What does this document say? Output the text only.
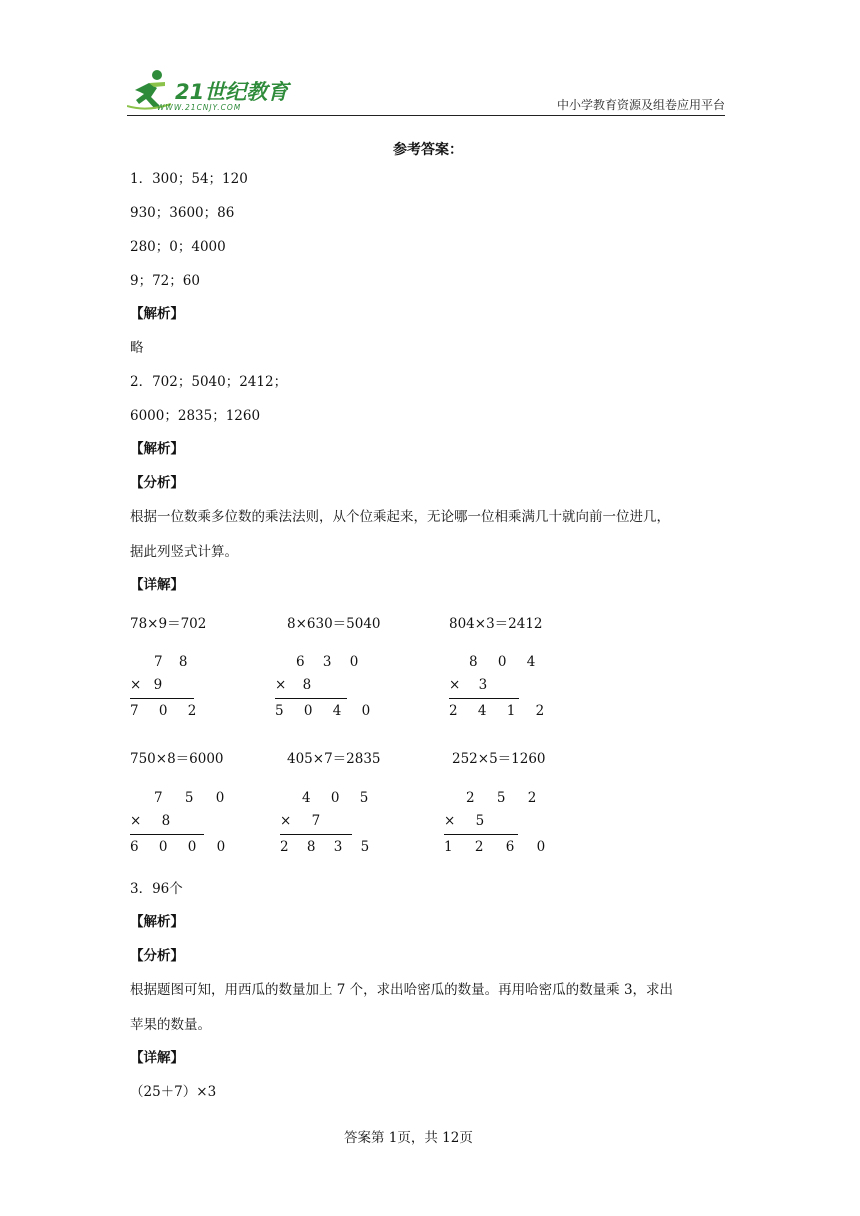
21世纪教育
WWW.21CNJY.COM	中小学教育资源及组卷应用平台
参考答案：
1．300；54；120
930；3600；86
280；0；4000
9；72；60
【解析】
略
2．702；5040；2412；
6000；2835；1260
【解析】
【分析】
根据一位数乘多位数的乘法法则，从个位乘起来，无论哪一位相乘满几十就向前一位进几，
据此列竖式计算。
【详解】
78×9＝702	8×630＝5040	804×3＝2412
7 8
× 9
7 0 2
6 3 0
× 8
5 0 4 0
8 0 4
× 3
2 4 1 2
750×8＝6000	405×7＝2835	252×5＝1260
7 5 0
× 8
6 0 0 0
4 0 5
× 7
2 8 3 5
2 5 2
× 5
1 2 6 0
3．96个
【解析】
【分析】
根据题图可知，用西瓜的数量加上 7 个，求出哈密瓜的数量。再用哈密瓜的数量乘 3，求出
苹果的数量。
【详解】
（25＋7）×3
答案第 1页，共 12页
